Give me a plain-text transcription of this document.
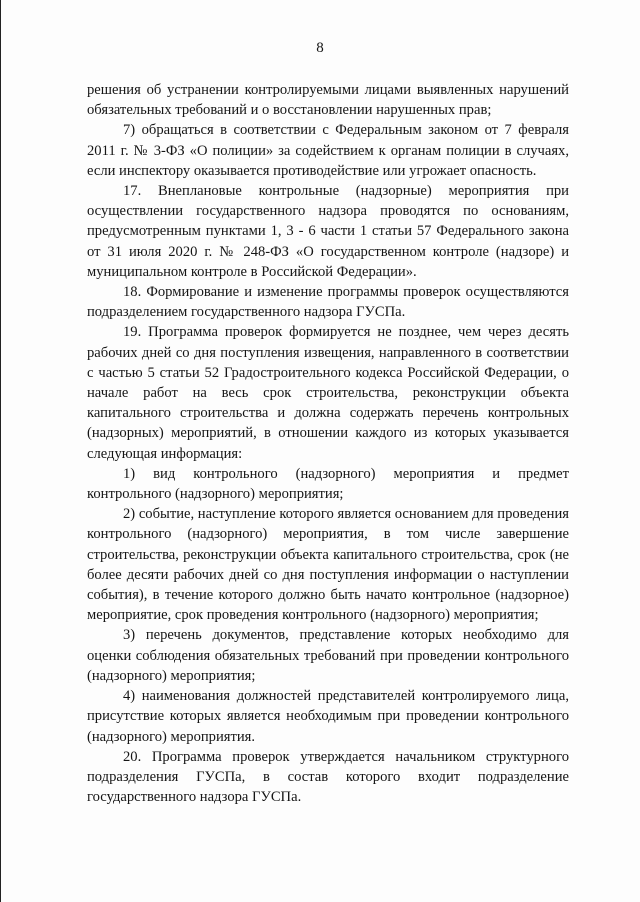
8

решения об устранении контролируемыми лицами выявленных нарушений обязательных требований и о восстановлении нарушенных прав;

7) обращаться в соответствии с Федеральным законом от 7 февраля 2011 г. № 3-ФЗ «О полиции» за содействием к органам полиции в случаях, если инспектору оказывается противодействие или угрожает опасность.

17. Внеплановые контрольные (надзорные) мероприятия при осуществлении государственного надзора проводятся по основаниям, предусмотренным пунктами 1, 3 - 6 части 1 статьи 57 Федерального закона от 31 июля 2020 г. № 248-ФЗ «О государственном контроле (надзоре) и муниципальном контроле в Российской Федерации».

18. Формирование и изменение программы проверок осуществляются подразделением государственного надзора ГУСПа.

19. Программа проверок формируется не позднее, чем через десять рабочих дней со дня поступления извещения, направленного в соответствии с частью 5 статьи 52 Градостроительного кодекса Российской Федерации, о начале работ на весь срок строительства, реконструкции объекта капитального строительства и должна содержать перечень контрольных (надзорных) мероприятий, в отношении каждого из которых указывается следующая информация:

1) вид контрольного (надзорного) мероприятия и предмет контрольного (надзорного) мероприятия;

2) событие, наступление которого является основанием для проведения контрольного (надзорного) мероприятия, в том числе завершение строительства, реконструкции объекта капитального строительства, срок (не более десяти рабочих дней со дня поступления информации о наступлении события), в течение которого должно быть начато контрольное (надзорное) мероприятие, срок проведения контрольного (надзорного) мероприятия;

3) перечень документов, представление которых необходимо для оценки соблюдения обязательных требований при проведении контрольного (надзорного) мероприятия;

4) наименования должностей представителей контролируемого лица, присутствие которых является необходимым при проведении контрольного (надзорного) мероприятия.

20. Программа проверок утверждается начальником структурного подразделения ГУСПа, в состав которого входит подразделение государственного надзора ГУСПа.
